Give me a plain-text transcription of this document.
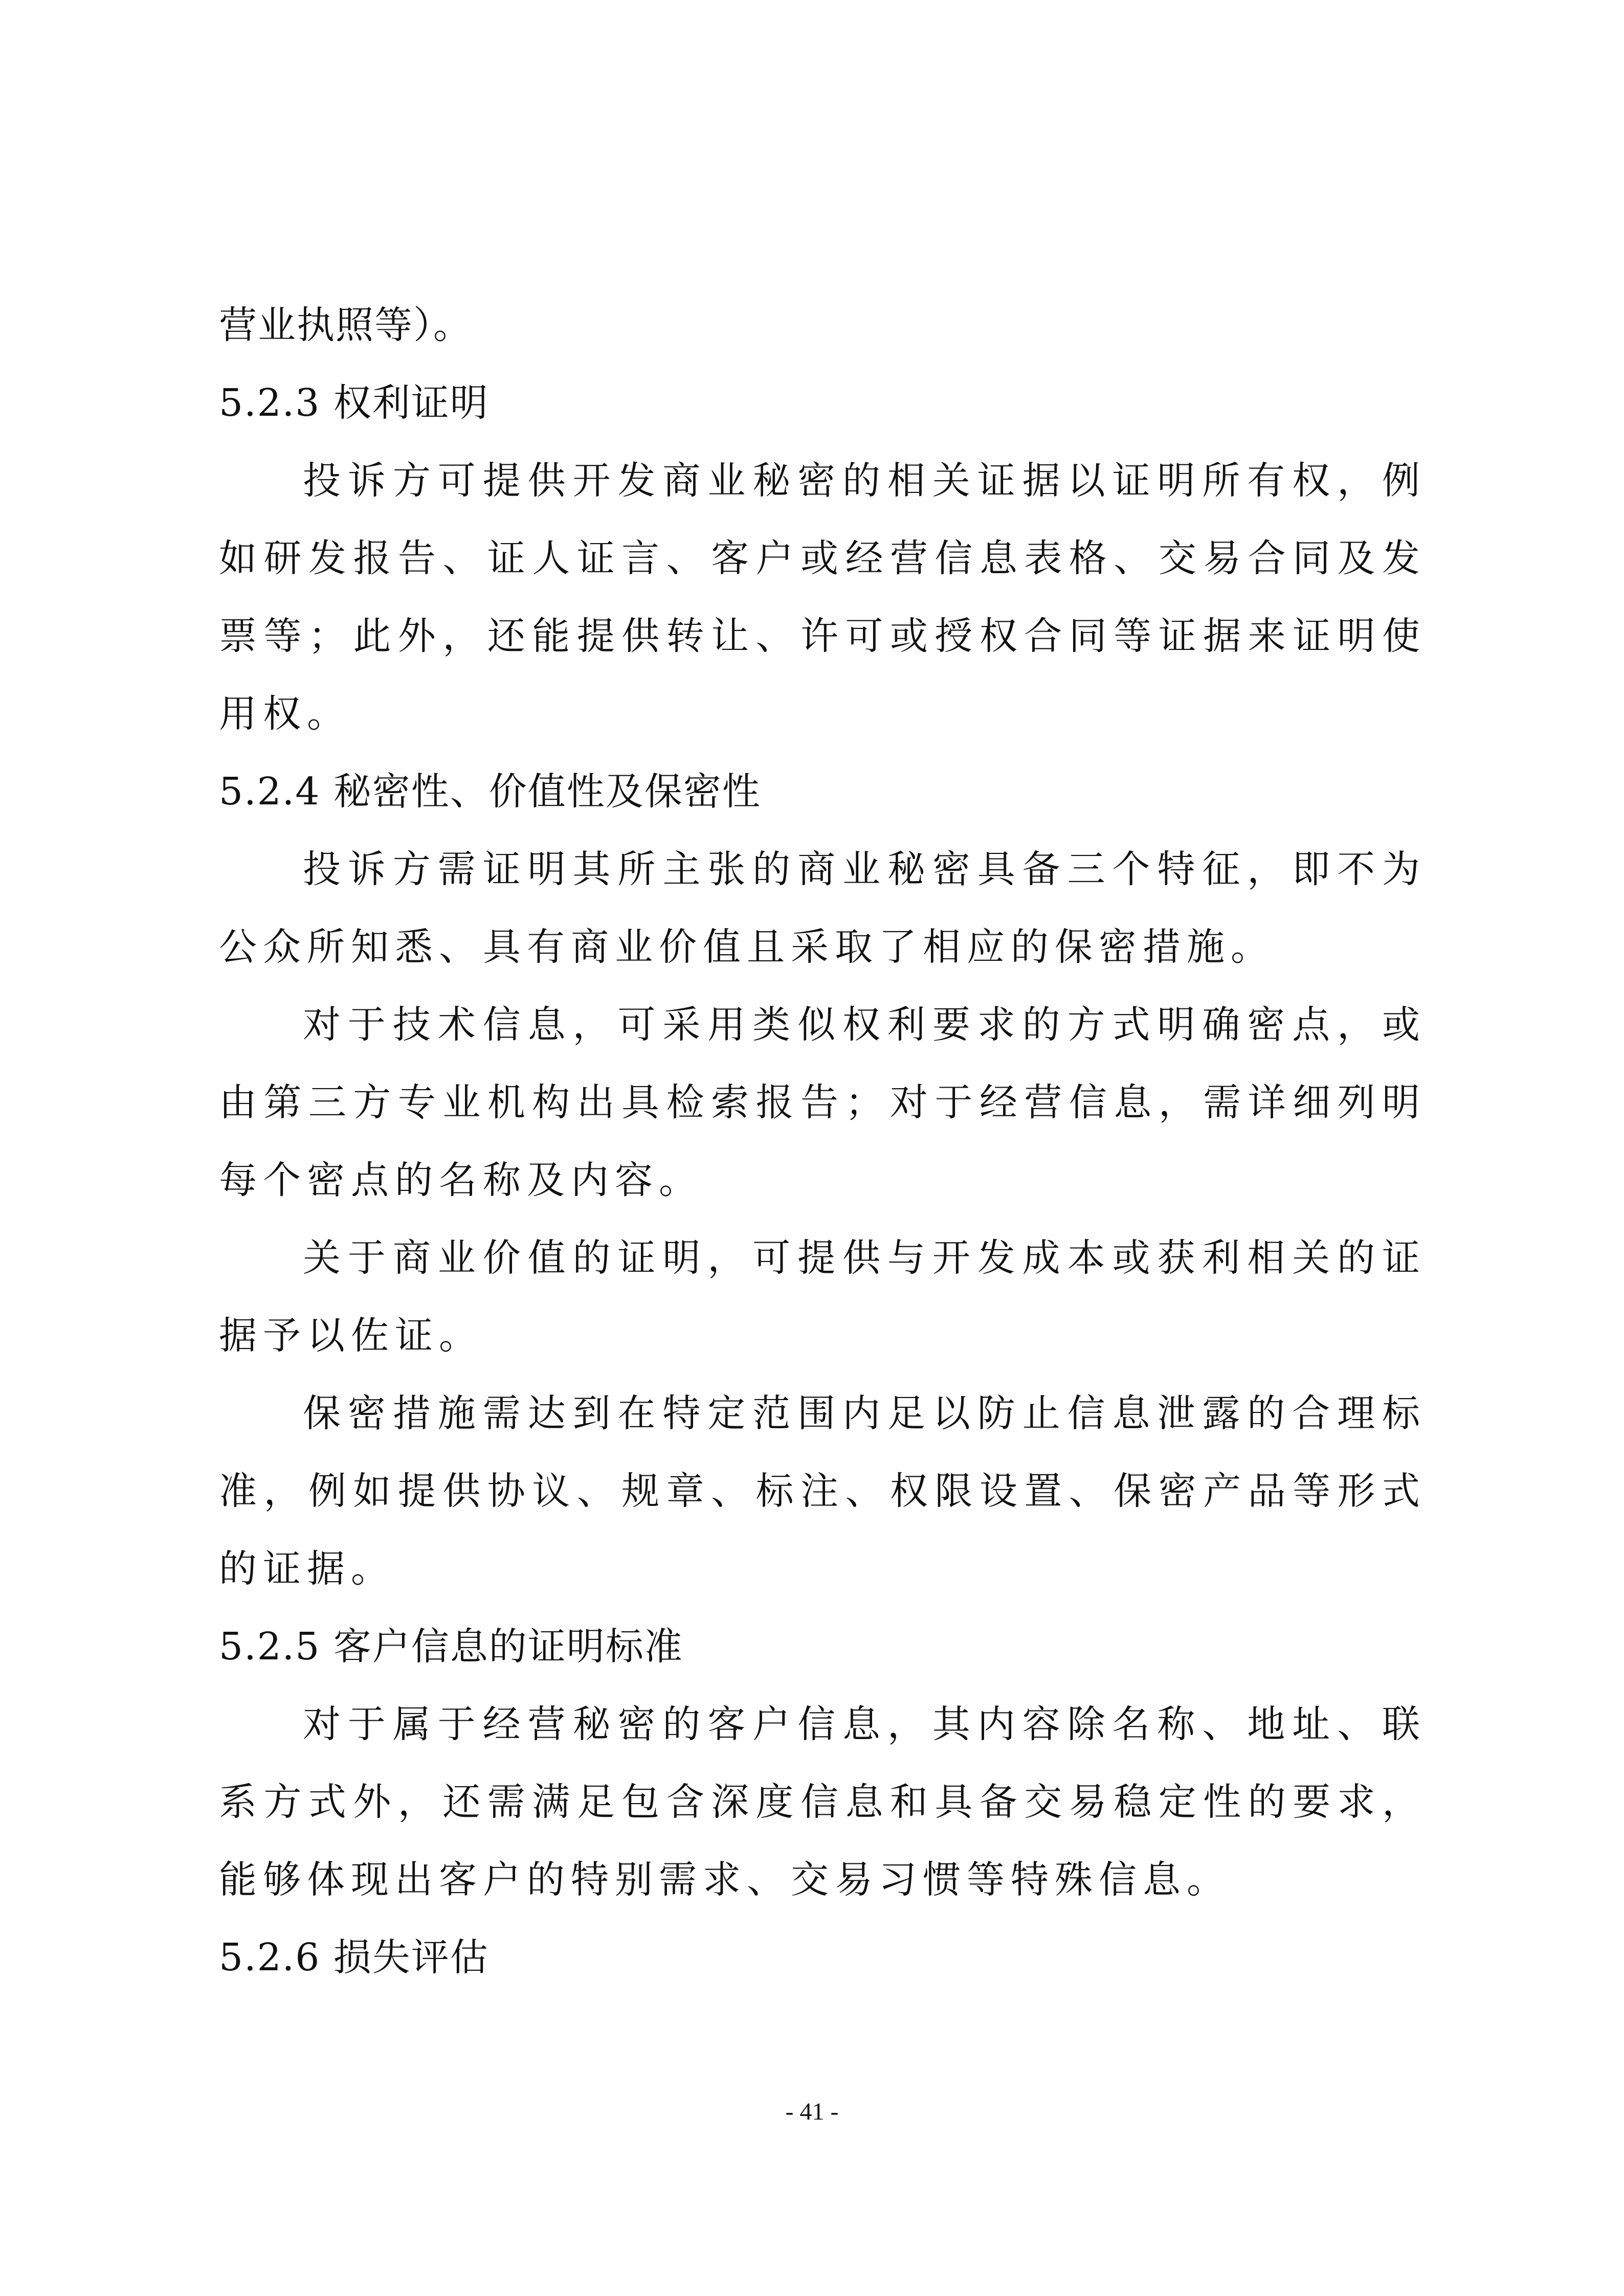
营业执照等）。
5.2.3 权利证明

投诉方可提供开发商业秘密的相关证据以证明所有权，例如研发报告、证人证言、客户或经营信息表格、交易合同及发票等；此外，还能提供转让、许可或授权合同等证据来证明使用权。

5.2.4 秘密性、价值性及保密性

投诉方需证明其所主张的商业秘密具备三个特征，即不为公众所知悉、具有商业价值且采取了相应的保密措施。

对于技术信息，可采用类似权利要求的方式明确密点，或由第三方专业机构出具检索报告；对于经营信息，需详细列明每个密点的名称及内容。

关于商业价值的证明，可提供与开发成本或获利相关的证据予以佐证。

保密措施需达到在特定范围内足以防止信息泄露的合理标准，例如提供协议、规章、标注、权限设置、保密产品等形式的证据。

5.2.5 客户信息的证明标准

对于属于经营秘密的客户信息，其内容除名称、地址、联系方式外，还需满足包含深度信息和具备交易稳定性的要求，能够体现出客户的特别需求、交易习惯等特殊信息。

5.2.6 损失评估
- 41 -
